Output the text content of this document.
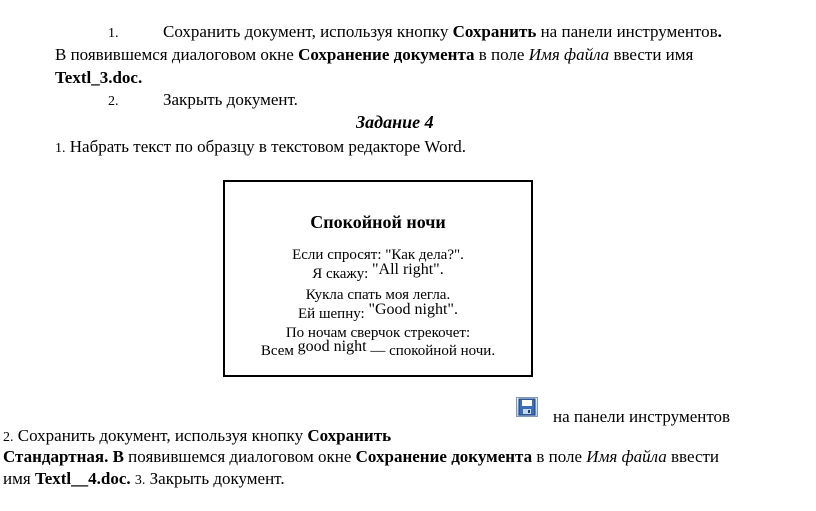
1.	Сохранить документ, используя кнопку Сохранить на панели инструментов.
В появившемся диалоговом окне Сохранение документа в поле Имя файла ввести имя
Textl_3.doc.
2.	Закрыть документ.
Задание 4
1. Набрать текст по образцу в текстовом редакторе Word.
Спокойной ночи
Если спросят: "Как дела?".
Я скажу: "All right".
Кукла спать моя легла.
Ей шепну: "Good night".
По ночам сверчок стрекочет:
Всем good night — спокойной ночи.
на панели инструментов
2. Сохранить документ, используя кнопку Сохранить
Стандартная. В появившемся диалоговом окне Сохранение документа в поле Имя файла ввести
имя Textl__4.doc. 3. Закрыть документ.
